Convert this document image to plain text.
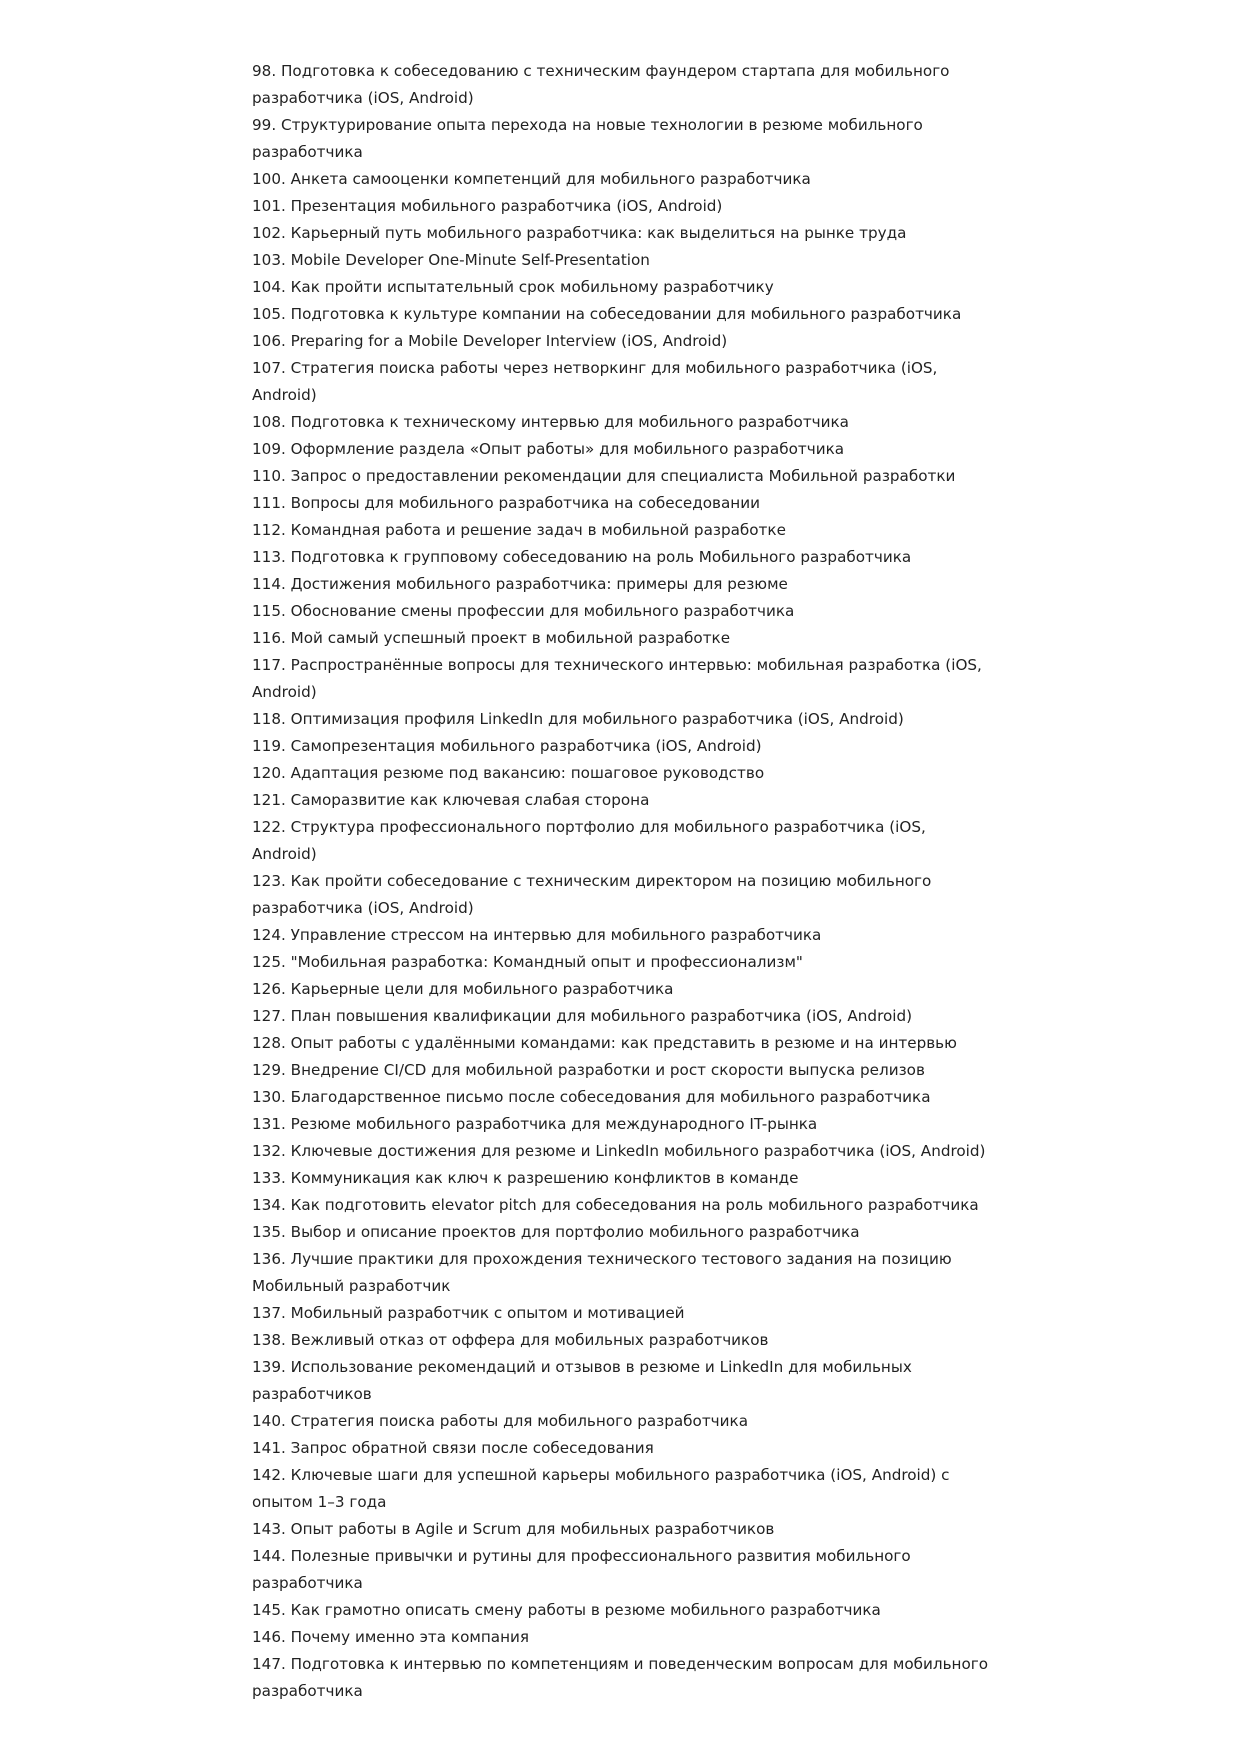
98. Подготовка к собеседованию с техническим фаундером стартапа для мобильного разработчика (iOS, Android)
99. Структурирование опыта перехода на новые технологии в резюме мобильного разработчика
100. Анкета самооценки компетенций для мобильного разработчика
101. Презентация мобильного разработчика (iOS, Android)
102. Карьерный путь мобильного разработчика: как выделиться на рынке труда
103. Mobile Developer One-Minute Self-Presentation
104. Как пройти испытательный срок мобильному разработчику
105. Подготовка к культуре компании на собеседовании для мобильного разработчика
106. Preparing for a Mobile Developer Interview (iOS, Android)
107. Стратегия поиска работы через нетворкинг для мобильного разработчика (iOS, Android)
108. Подготовка к техническому интервью для мобильного разработчика
109. Оформление раздела «Опыт работы» для мобильного разработчика
110. Запрос о предоставлении рекомендации для специалиста Мобильной разработки
111. Вопросы для мобильного разработчика на собеседовании
112. Командная работа и решение задач в мобильной разработке
113. Подготовка к групповому собеседованию на роль Мобильного разработчика
114. Достижения мобильного разработчика: примеры для резюме
115. Обоснование смены профессии для мобильного разработчика
116. Мой самый успешный проект в мобильной разработке
117. Распространённые вопросы для технического интервью: мобильная разработка (iOS, Android)
118. Оптимизация профиля LinkedIn для мобильного разработчика (iOS, Android)
119. Самопрезентация мобильного разработчика (iOS, Android)
120. Адаптация резюме под вакансию: пошаговое руководство
121. Саморазвитие как ключевая слабая сторона
122. Структура профессионального портфолио для мобильного разработчика (iOS, Android)
123. Как пройти собеседование с техническим директором на позицию мобильного разработчика (iOS, Android)
124. Управление стрессом на интервью для мобильного разработчика
125. "Мобильная разработка: Командный опыт и профессионализм"
126. Карьерные цели для мобильного разработчика
127. План повышения квалификации для мобильного разработчика (iOS, Android)
128. Опыт работы с удалёнными командами: как представить в резюме и на интервью
129. Внедрение CI/CD для мобильной разработки и рост скорости выпуска релизов
130. Благодарственное письмо после собеседования для мобильного разработчика
131. Резюме мобильного разработчика для международного IT-рынка
132. Ключевые достижения для резюме и LinkedIn мобильного разработчика (iOS, Android)
133. Коммуникация как ключ к разрешению конфликтов в команде
134. Как подготовить elevator pitch для собеседования на роль мобильного разработчика
135. Выбор и описание проектов для портфолио мобильного разработчика
136. Лучшие практики для прохождения технического тестового задания на позицию Мобильный разработчик
137. Мобильный разработчик с опытом и мотивацией
138. Вежливый отказ от оффера для мобильных разработчиков
139. Использование рекомендаций и отзывов в резюме и LinkedIn для мобильных разработчиков
140. Стратегия поиска работы для мобильного разработчика
141. Запрос обратной связи после собеседования
142. Ключевые шаги для успешной карьеры мобильного разработчика (iOS, Android) с опытом 1–3 года
143. Опыт работы в Agile и Scrum для мобильных разработчиков
144. Полезные привычки и рутины для профессионального развития мобильного разработчика
145. Как грамотно описать смену работы в резюме мобильного разработчика
146. Почему именно эта компания
147. Подготовка к интервью по компетенциям и поведенческим вопросам для мобильного разработчика
